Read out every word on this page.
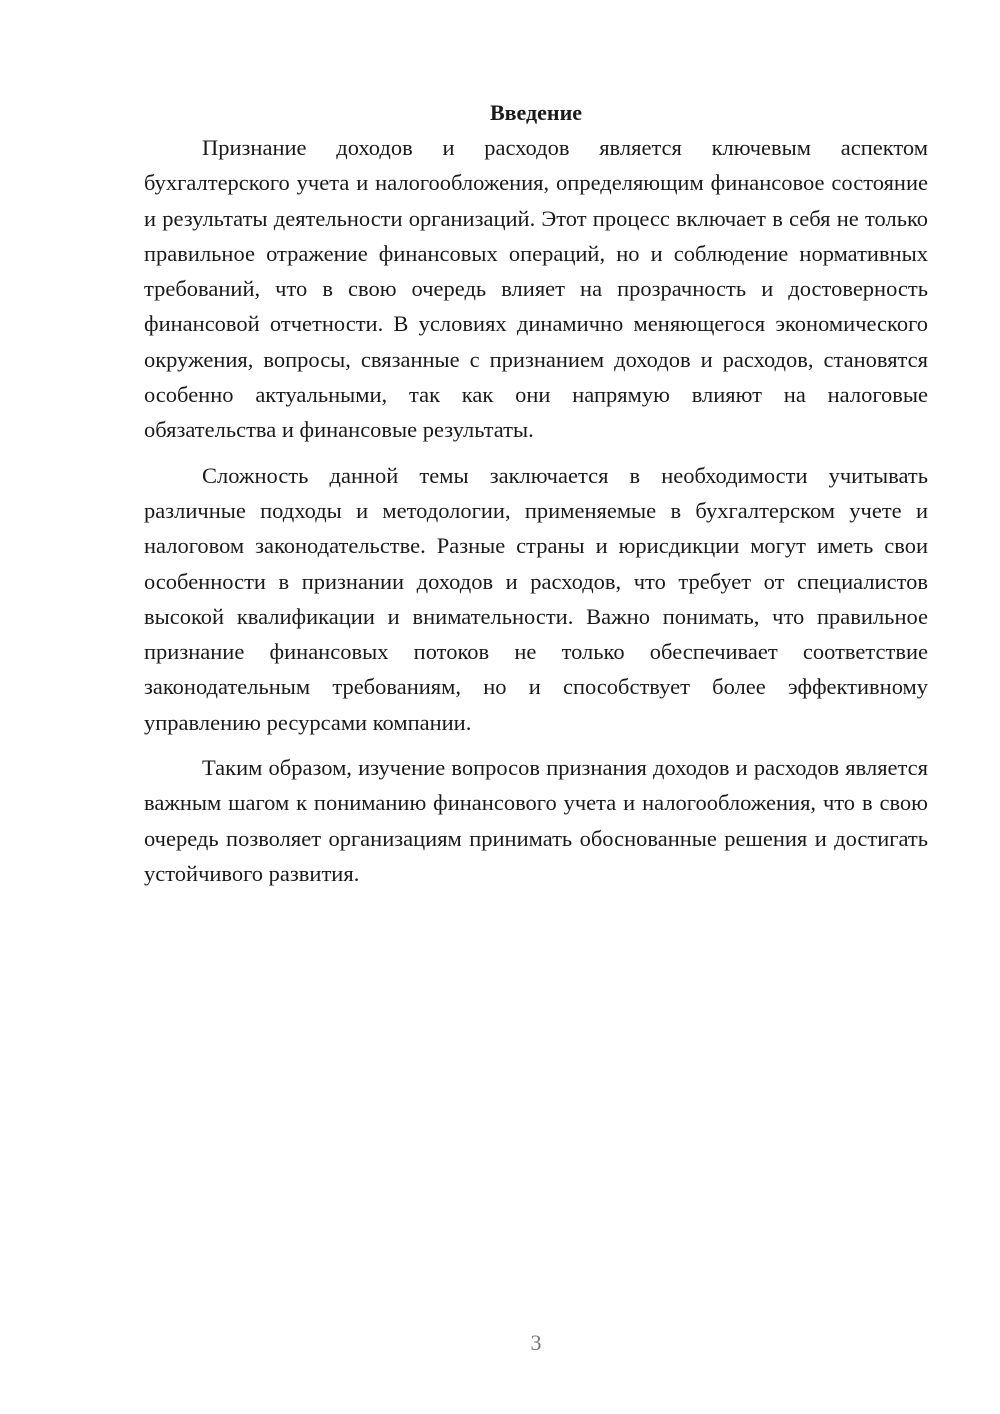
Введение

Признание доходов и расходов является ключевым аспектом бухгалтерского учета и налогообложения, определяющим финансовое состояние и результаты деятельности организаций. Этот процесс включает в себя не только правильное отражение финансовых операций, но и соблюдение нормативных требований, что в свою очередь влияет на прозрачность и достоверность финансовой отчетности. В условиях динамично меняющегося экономического окружения, вопросы, связанные с признанием доходов и расходов, становятся особенно актуальными, так как они напрямую влияют на налоговые обязательства и финансовые результаты.

Сложность данной темы заключается в необходимости учитывать различные подходы и методологии, применяемые в бухгалтерском учете и налоговом законодательстве. Разные страны и юрисдикции могут иметь свои особенности в признании доходов и расходов, что требует от специалистов высокой квалификации и внимательности. Важно понимать, что правильное признание финансовых потоков не только обеспечивает соответствие законодательным требованиям, но и способствует более эффективному управлению ресурсами компании.

Таким образом, изучение вопросов признания доходов и расходов является важным шагом к пониманию финансового учета и налогообложения, что в свою очередь позволяет организациям принимать обоснованные решения и достигать устойчивого развития.

3
